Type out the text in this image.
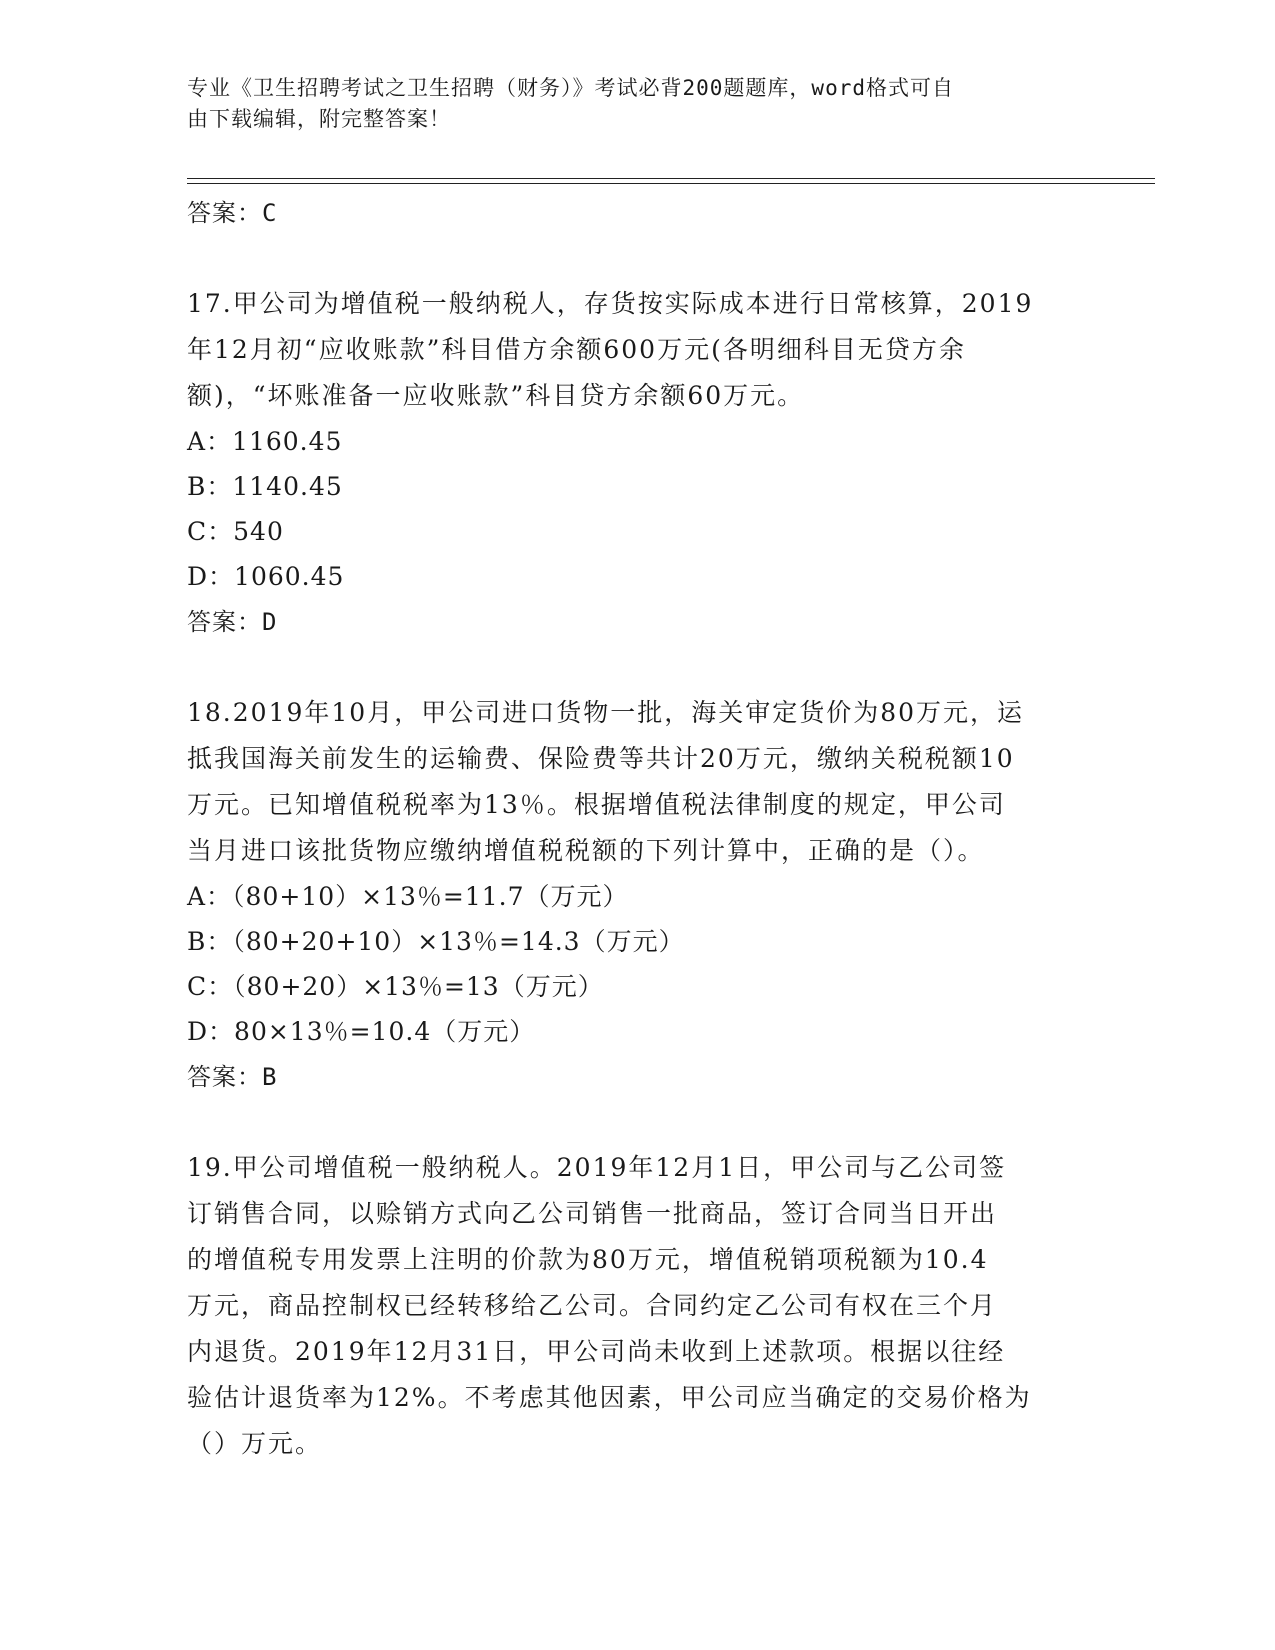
专业《卫生招聘考试之卫生招聘（财务）》考试必背200题题库，word格式可自
由下载编辑，附完整答案！

答案：C

17.甲公司为增值税一般纳税人，存货按实际成本进行日常核算，2019

年12月初“应收账款”科目借方余额600万元(各明细科目无贷方余

额)，“坏账准备一应收账款”科目贷方余额60万元。

A：1160.45

B：1140.45

C：540

D：1060.45

答案：D

18.2019年10月，甲公司进口货物一批，海关审定货价为80万元，运

抵我国海关前发生的运输费、保险费等共计20万元，缴纳关税税额10

万元。已知增值税税率为13％。根据增值税法律制度的规定，甲公司

当月进口该批货物应缴纳增值税税额的下列计算中，正确的是（）。

A：（80+10）×13％=11.7（万元）

B：（80+20+10）×13％=14.3（万元）

C：（80+20）×13％=13（万元）

D：80×13％=10.4（万元）

答案：B

19.甲公司增值税一般纳税人。2019年12月1日，甲公司与乙公司签

订销售合同，以赊销方式向乙公司销售一批商品，签订合同当日开出

的增值税专用发票上注明的价款为80万元，增值税销项税额为10.4

万元，商品控制权已经转移给乙公司。合同约定乙公司有权在三个月

内退货。2019年12月31日，甲公司尚未收到上述款项。根据以往经

验估计退货率为12%。不考虑其他因素，甲公司应当确定的交易价格为

（）万元。
